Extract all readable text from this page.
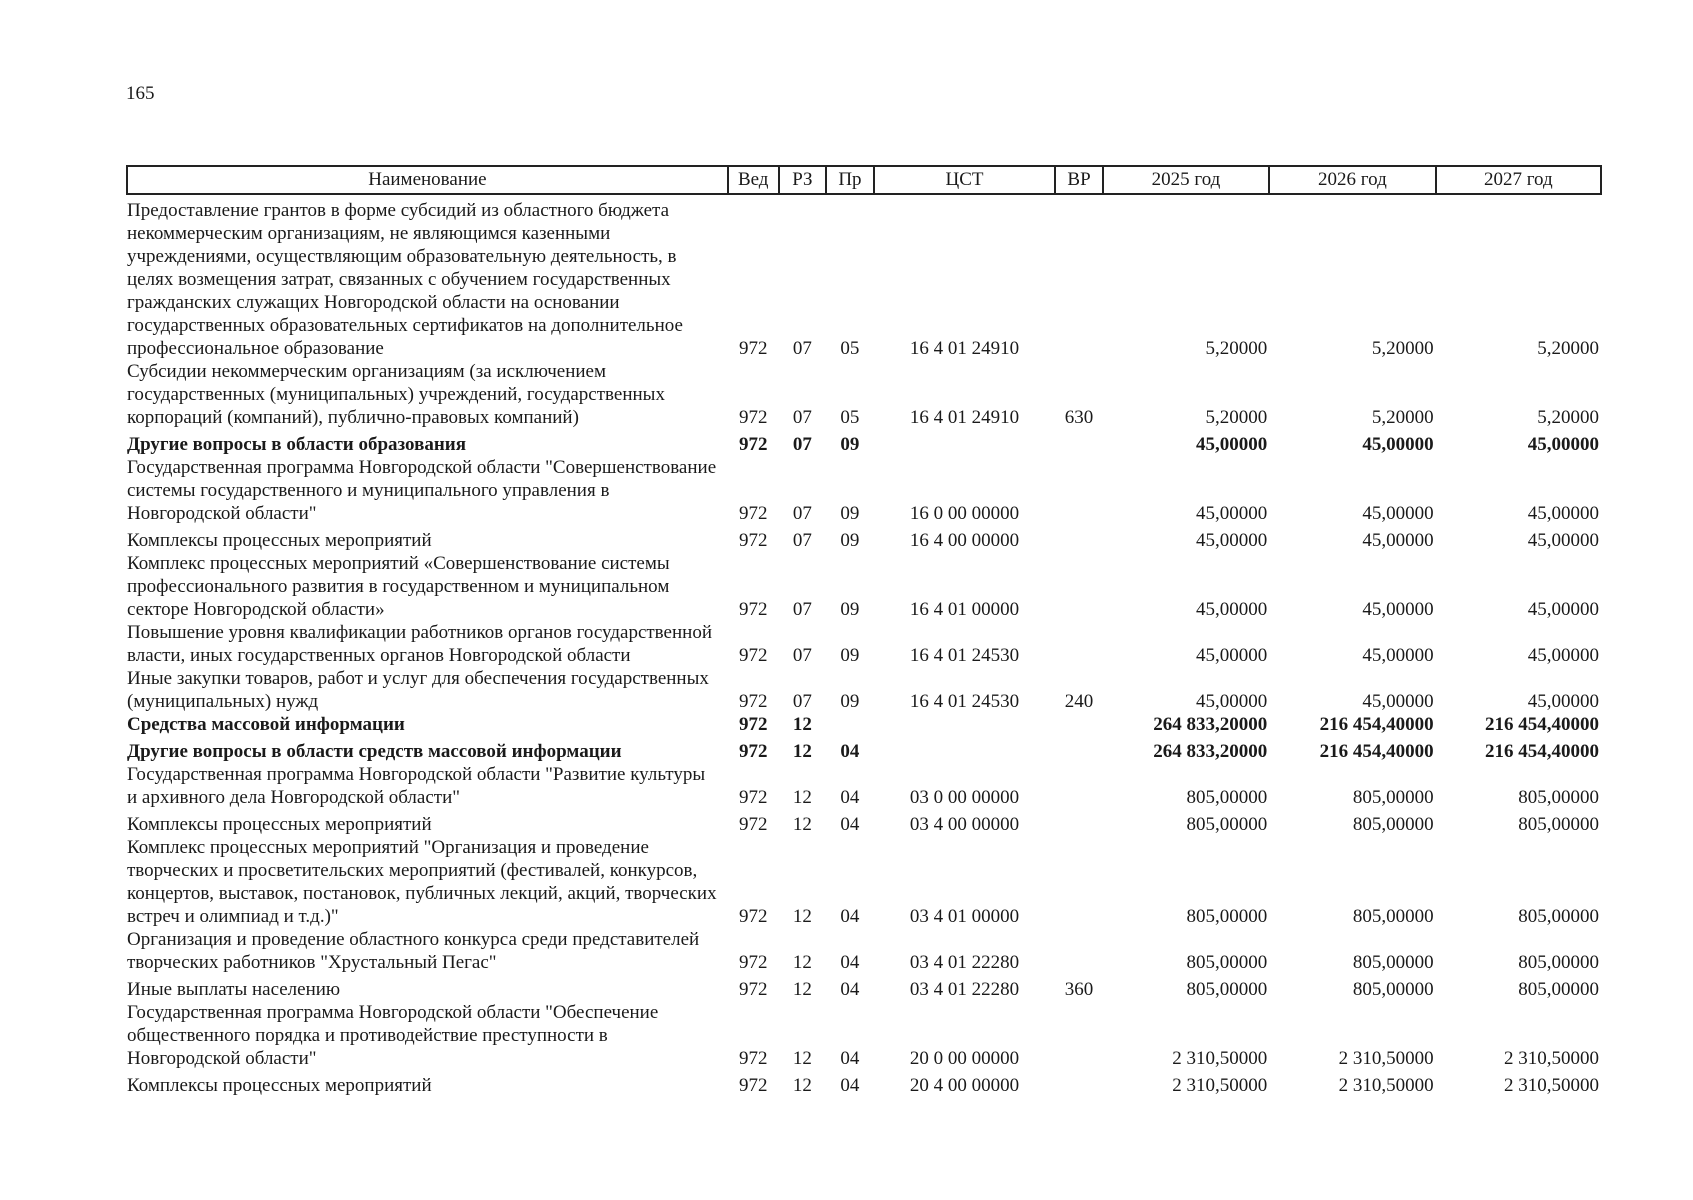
165
Наименование	Вед	РЗ	Пр	ЦСТ	ВР	2025 год	2026 год	2027 год
Предоставление грантов в форме субсидий из областного бюджета некоммерческим организациям, не являющимся казенными учреждениями, осуществляющим образовательную деятельность, в целях возмещения затрат, связанных с обучением государственных гражданских служащих Новгородской области на основании государственных образовательных сертификатов на дополнительное профессиональное образование	972	07	05	16 4 01 24910		5,20000	5,20000	5,20000
Субсидии некоммерческим организациям (за исключением государственных (муниципальных) учреждений, государственных корпораций (компаний), публично-правовых компаний)	972	07	05	16 4 01 24910	630	5,20000	5,20000	5,20000
Другие вопросы в области образования	972	07	09			45,00000	45,00000	45,00000
Государственная программа Новгородской области "Совершенствование системы государственного и муниципального управления в Новгородской области"	972	07	09	16 0 00 00000		45,00000	45,00000	45,00000
Комплексы процессных мероприятий	972	07	09	16 4 00 00000		45,00000	45,00000	45,00000
Комплекс процессных мероприятий «Совершенствование системы профессионального развития в государственном и муниципальном секторе Новгородской области»	972	07	09	16 4 01 00000		45,00000	45,00000	45,00000
Повышение уровня квалификации работников органов государственной власти, иных государственных органов Новгородской области	972	07	09	16 4 01 24530		45,00000	45,00000	45,00000
Иные закупки товаров, работ и услуг для обеспечения государственных (муниципальных) нужд	972	07	09	16 4 01 24530	240	45,00000	45,00000	45,00000
Средства массовой информации	972	12				264 833,20000	216 454,40000	216 454,40000
Другие вопросы в области средств массовой информации	972	12	04			264 833,20000	216 454,40000	216 454,40000
Государственная программа Новгородской области "Развитие культуры и архивного дела Новгородской области"	972	12	04	03 0 00 00000		805,00000	805,00000	805,00000
Комплексы процессных мероприятий	972	12	04	03 4 00 00000		805,00000	805,00000	805,00000
Комплекс процессных мероприятий "Организация и проведение творческих и просветительских мероприятий (фестивалей, конкурсов, концертов, выставок, постановок, публичных лекций, акций, творческих встреч и олимпиад и т.д.)"	972	12	04	03 4 01 00000		805,00000	805,00000	805,00000
Организация и проведение областного конкурса среди представителей творческих работников "Хрустальный Пегас"	972	12	04	03 4 01 22280		805,00000	805,00000	805,00000
Иные выплаты населению	972	12	04	03 4 01 22280	360	805,00000	805,00000	805,00000
Государственная программа Новгородской области "Обеспечение общественного порядка и противодействие преступности в Новгородской области"	972	12	04	20 0 00 00000		2 310,50000	2 310,50000	2 310,50000
Комплексы процессных мероприятий	972	12	04	20 4 00 00000		2 310,50000	2 310,50000	2 310,50000
